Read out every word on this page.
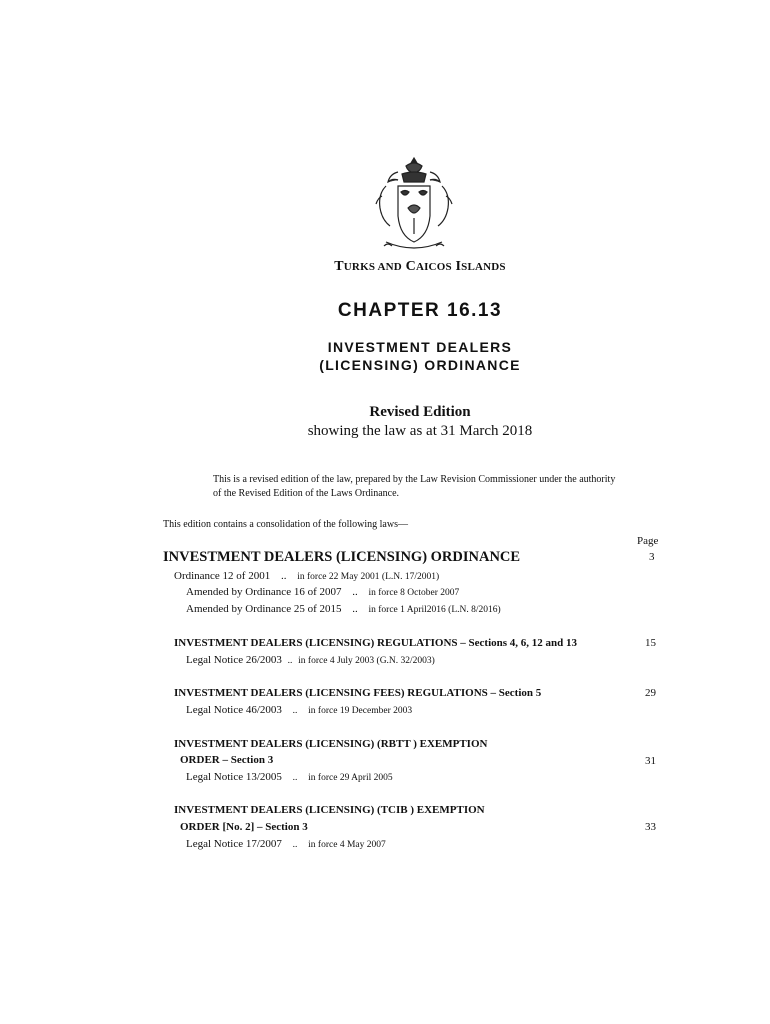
TURKS AND CAICOS ISLANDS
CHAPTER 16.13
INVESTMENT DEALERS
(LICENSING) ORDINANCE
Revised Edition
showing the law as at 31 March 2018
This is a revised edition of the law, prepared by the Law Revision Commissioner under the authority
of the Revised Edition of the Laws Ordinance.
This edition contains a consolidation of the following laws—
Page
INVESTMENT DEALERS (LICENSING) ORDINANCE	3
Ordinance 12 of 2001 .. in force 22 May 2001 (L.N. 17/2001)
Amended by Ordinance 16 of 2007 .. in force 8 October 2007
Amended by Ordinance 25 of 2015 .. in force 1 April2016 (L.N. 8/2016)
INVESTMENT DEALERS (LICENSING) REGULATIONS – Sections 4, 6, 12 and 13	15
Legal Notice 26/2003 .. in force 4 July 2003 (G.N. 32/2003)
INVESTMENT DEALERS (LICENSING FEES) REGULATIONS – Section 5	29
Legal Notice 46/2003 .. in force 19 December 2003
INVESTMENT DEALERS (LICENSING) (RBTT ) EXEMPTION
ORDER – Section 3	31
Legal Notice 13/2005 .. in force 29 April 2005
INVESTMENT DEALERS (LICENSING) (TCIB ) EXEMPTION
ORDER [No. 2] – Section 3	33
Legal Notice 17/2007 .. in force 4 May 2007
